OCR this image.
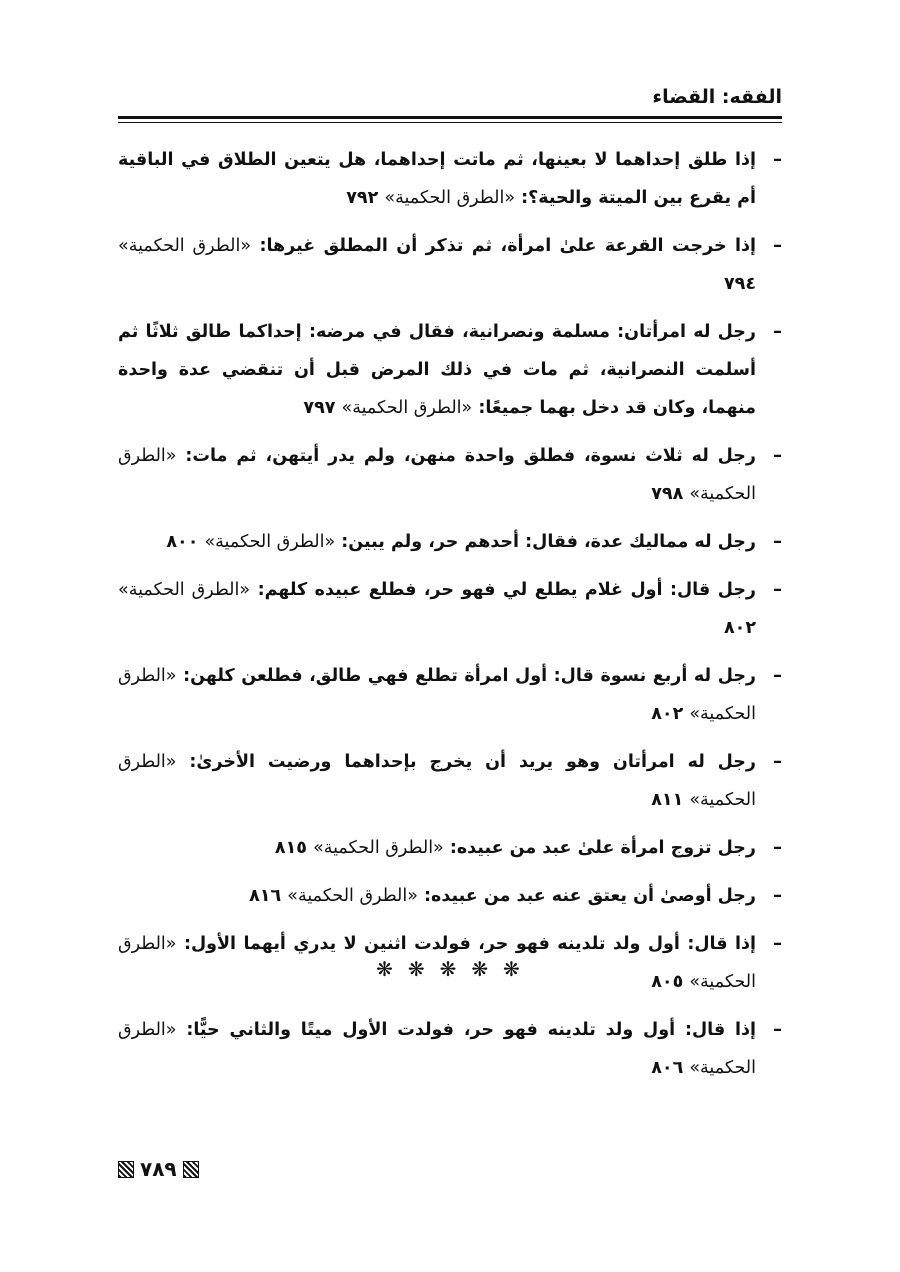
الفقه: القضاء
–
إذا طلق إحداهما لا بعينها، ثم ماتت إحداهما، هل يتعين الطلاق في الباقية أم يقرع بين الميتة والحية؟: «الطرق الحكمية» ٧٩٢
–
إذا خرجت القرعة علىٰ امرأة، ثم تذكر أن المطلق غيرها: «الطرق الحكمية» ٧٩٤
–
رجل له امرأتان: مسلمة ونصرانية، فقال في مرضه: إحداكما طالق ثلاثًا ثم أسلمت النصرانية، ثم مات في ذلك المرض قبل أن تنقضي عدة واحدة منهما، وكان قد دخل بهما جميعًا: «الطرق الحكمية» ٧٩٧
–
رجل له ثلاث نسوة، فطلق واحدة منهن، ولم يدر أيتهن، ثم مات: «الطرق الحكمية» ٧٩٨
–
رجل له مماليك عدة، فقال: أحدهم حر، ولم يبين: «الطرق الحكمية» ٨٠٠
–
رجل قال: أول غلام يطلع لي فهو حر، فطلع عبيده كلهم: «الطرق الحكمية» ٨٠٢
–
رجل له أربع نسوة قال: أول امرأة تطلع فهي طالق، فطلعن كلهن: «الطرق الحكمية» ٨٠٢
–
رجل له امرأتان وهو يريد أن يخرج بإحداهما ورضيت الأخرىٰ: «الطرق الحكمية» ٨١١
–
رجل تزوج امرأة علىٰ عبد من عبيده: «الطرق الحكمية» ٨١٥
–
رجل أوصىٰ أن يعتق عنه عبد من عبيده: «الطرق الحكمية» ٨١٦
–
إذا قال: أول ولد تلدينه فهو حر، فولدت اثنين لا يدري أيهما الأول: «الطرق الحكمية» ٨٠٥
–
إذا قال: أول ولد تلدينه فهو حر، فولدت الأول ميتًا والثاني حيًّا: «الطرق الحكمية» ٨٠٦
❋ ❋ ❋ ❋ ❋
٧٨٩
